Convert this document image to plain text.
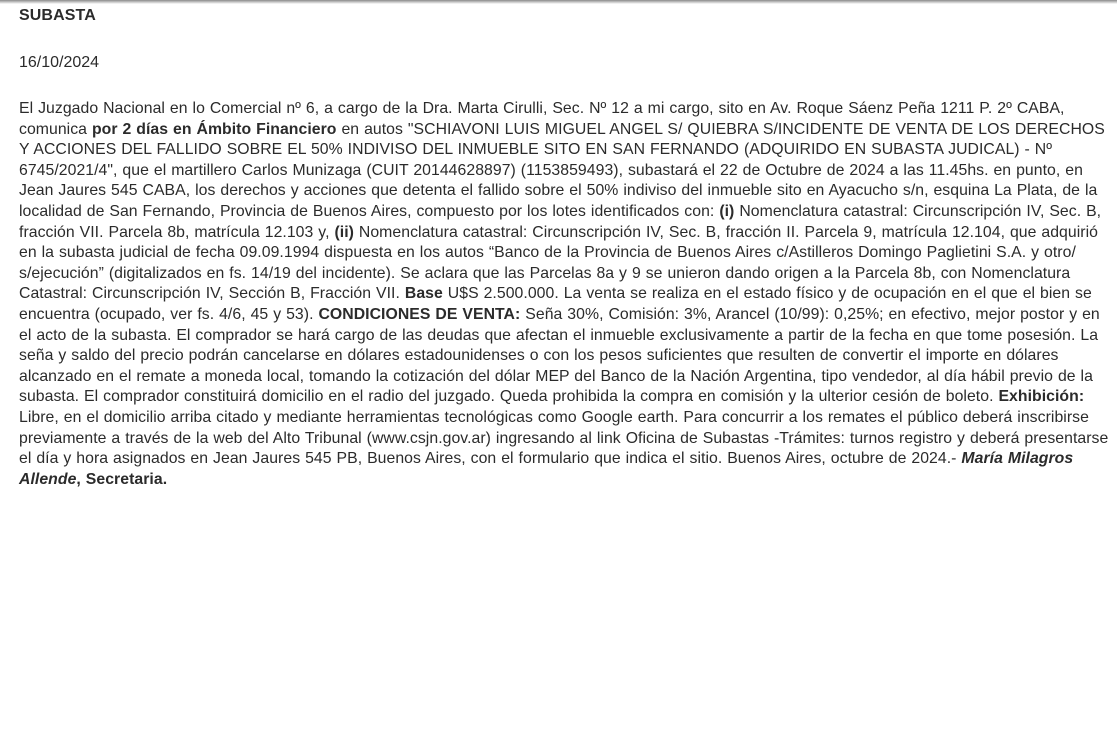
SUBASTA
16/10/2024
El Juzgado Nacional en lo Comercial nº 6, a cargo de la Dra. Marta Cirulli, Sec. Nº 12 a mi cargo, sito en Av. Roque Sáenz Peña 1211 P. 2º CABA, comunica por 2 días en Ámbito Financiero en autos "SCHIAVONI LUIS MIGUEL ANGEL S/ QUIEBRA S/INCIDENTE DE VENTA DE LOS DERECHOS Y ACCIONES DEL FALLIDO SOBRE EL 50% INDIVISO DEL INMUEBLE SITO EN SAN FERNANDO (ADQUIRIDO EN SUBASTA JUDICAL) - Nº 6745/2021/4", que el martillero Carlos Munizaga (CUIT 20144628897) (1153859493), subastará el 22 de Octubre de 2024 a las 11.45hs. en punto, en Jean Jaures 545 CABA, los derechos y acciones que detenta el fallido sobre el 50% indiviso del inmueble sito en Ayacucho s/n, esquina La Plata, de la localidad de San Fernando, Provincia de Buenos Aires, compuesto por los lotes identificados con: (i) Nomenclatura catastral: Circunscripción IV, Sec. B, fracción VII. Parcela 8b, matrícula 12.103 y, (ii) Nomenclatura catastral: Circunscripción IV, Sec. B, fracción II. Parcela 9, matrícula 12.104, que adquirió en la subasta judicial de fecha 09.09.1994 dispuesta en los autos “Banco de la Provincia de Buenos Aires c/Astilleros Domingo Paglietini S.A. y otro/ s/ejecución” (digitalizados en fs. 14/19 del incidente). Se aclara que las Parcelas 8a y 9 se unieron dando origen a la Parcela 8b, con Nomenclatura Catastral: Circunscripción IV, Sección B, Fracción VII. Base U$S 2.500.000. La venta se realiza en el estado físico y de ocupación en el que el bien se encuentra (ocupado, ver fs. 4/6, 45 y 53). CONDICIONES DE VENTA: Seña 30%, Comisión: 3%, Arancel (10/99): 0,25%; en efectivo, mejor postor y en el acto de la subasta. El comprador se hará cargo de las deudas que afectan el inmueble exclusivamente a partir de la fecha en que tome posesión. La seña y saldo del precio podrán cancelarse en dólares estadounidenses o con los pesos suficientes que resulten de convertir el importe en dólares alcanzado en el remate a moneda local, tomando la cotización del dólar MEP del Banco de la Nación Argentina, tipo vendedor, al día hábil previo de la subasta. El comprador constituirá domicilio en el radio del juzgado. Queda prohibida la compra en comisión y la ulterior cesión de boleto. Exhibición: Libre, en el domicilio arriba citado y mediante herramientas tecnológicas como Google earth. Para concurrir a los remates el público deberá inscribirse previamente a través de la web del Alto Tribunal (www.csjn.gov.ar) ingresando al link Oficina de Subastas -Trámites: turnos registro y deberá presentarse el día y hora asignados en Jean Jaures 545 PB, Buenos Aires, con el formulario que indica el sitio. Buenos Aires, octubre de 2024.- María Milagros Allende, Secretaria.
